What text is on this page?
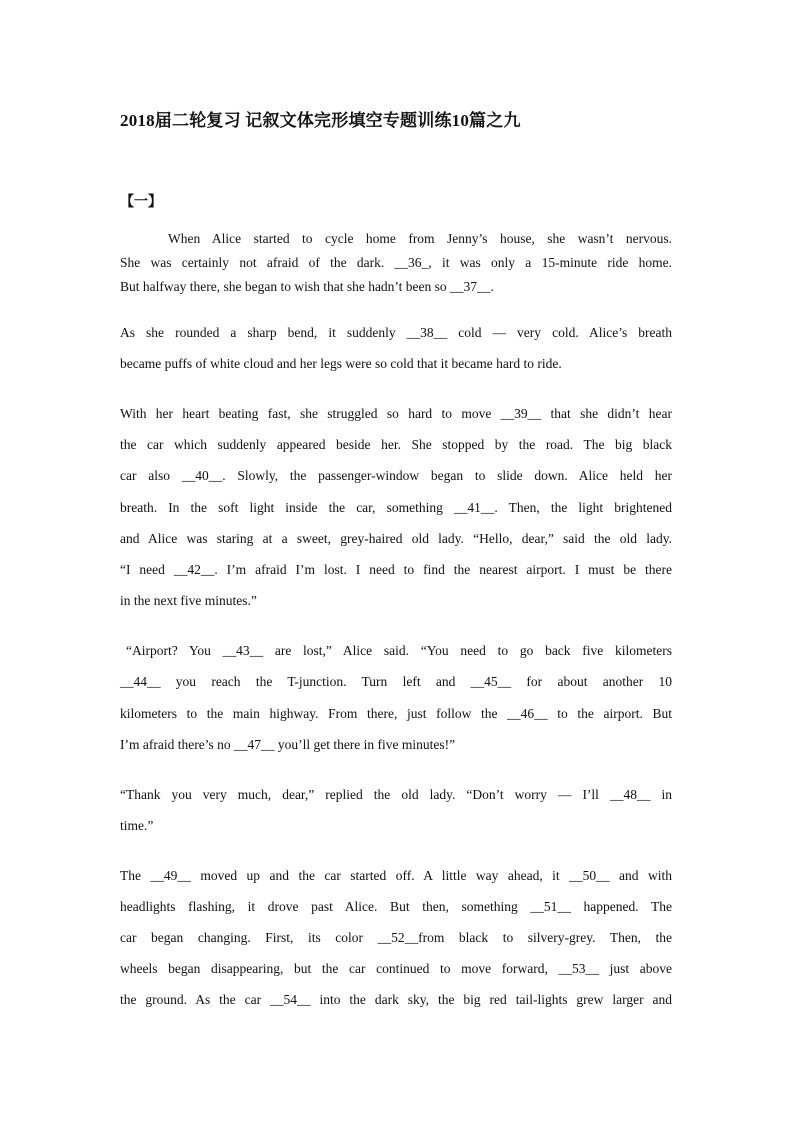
2018届二轮复习 记叙文体完形填空专题训练10篇之九
【一】
When Alice started to cycle home from Jenny’s house, she wasn’t nervous.
She was certainly not afraid of the dark. __36_, it was only a 15-minute ride home.
But halfway there, she began to wish that she hadn’t been so __37__.
As she rounded a sharp bend, it suddenly __38__ cold — very cold. Alice’s breath
became puffs of white cloud and her legs were so cold that it became hard to ride.
With her heart beating fast, she struggled so hard to move __39__ that she didn’t hear
the car which suddenly appeared beside her. She stopped by the road. The big black
car also __40__. Slowly, the passenger-window began to slide down. Alice held her
breath. In the soft light inside the car, something __41__. Then, the light brightened
and Alice was staring at a sweet, grey-haired old lady. “Hello, dear,” said the old lady.
“I need __42__. I’m afraid I’m lost. I need to find the nearest airport. I must be there
in the next five minutes.”
“Airport? You __43__ are lost,” Alice said. “You need to go back five kilometers
__44__ you reach the T-junction. Turn left and __45__ for about another 10
kilometers to the main highway. From there, just follow the __46__ to the airport. But
I’m afraid there’s no __47__ you’ll get there in five minutes!”
“Thank you very much, dear,” replied the old lady. “Don’t worry — I’ll __48__ in
time.”
The __49__ moved up and the car started off. A little way ahead, it __50__ and with
headlights flashing, it drove past Alice. But then, something __51__ happened. The
car began changing. First, its color __52__from black to silvery-grey. Then, the
wheels began disappearing, but the car continued to move forward, __53__ just above
the ground. As the car __54__ into the dark sky, the big red tail-lights grew larger and
